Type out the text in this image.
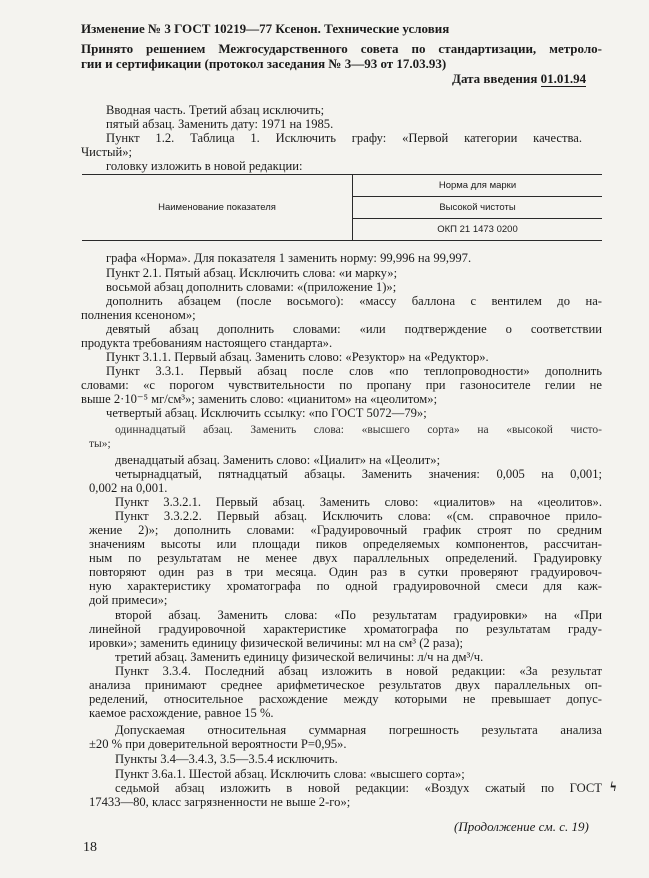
Изменение № 3 ГОСТ 10219—77 Ксенон. Технические условия
Принято решением Межгосударственного совета по стандартизации, метроло-
гии и сертификации (протокол заседания № 3—93 от 17.03.93)
Дата введения 01.01.94
Вводная часть. Третий абзац исключить;
пятый абзац. Заменить дату: 1971 на 1985.
Пункт 1.2. Таблица 1. Исключить графу: «Первой категории качества.
Чистый»;
головку изложить в новой редакции:
Наименование показателя	Норма для марки
Высокой чистоты
ОКП 21 1473 0200
графа «Норма». Для показателя 1 заменить норму: 99,996 на 99,997.
Пункт 2.1. Пятый абзац. Исключить слова: «и марку»;
восьмой абзац дополнить словами: «(приложение 1)»;
дополнить абзацем (после восьмого): «массу баллона с вентилем до на-
полнения ксеноном»;
девятый абзац дополнить словами: «или подтверждение о соответствии
продукта требованиям настоящего стандарта».
Пункт 3.1.1. Первый абзац. Заменить слово: «Резуктор» на «Редуктор».
Пункт 3.3.1. Первый абзац после слов «по теплопроводности» дополнить
словами: «с порогом чувствительности по пропану при газоносителе гелии не
выше 2·10⁻⁵ мг/см³»; заменить слово: «цианитом» на «цеолитом»;
четвертый абзац. Исключить ссылку: «по ГОСТ 5072—79»;
одиннадцатый абзац. Заменить слова: «высшего сорта» на «высокой чисто-
ты»;
двенадцатый абзац. Заменить слово: «Циалит» на «Цеолит»;
четырнадцатый, пятнадцатый абзацы. Заменить значения: 0,005 на 0,001;
0,002 на 0,001.
Пункт 3.3.2.1. Первый абзац. Заменить слово: «циалитов» на «цеолитов».
Пункт 3.3.2.2. Первый абзац. Исключить слова: «(см. справочное прило-
жение 2)»; дополнить словами: «Градуировочный график строят по средним
значениям высоты или площади пиков определяемых компонентов, рассчитан-
ным по результатам не менее двух параллельных определений. Градуировку
повторяют один раз в три месяца. Один раз в сутки проверяют градуировоч-
ную характеристику хроматографа по одной градуировочной смеси для каж-
дой примеси»;
второй абзац. Заменить слова: «По результатам градуировки» на «При
линейной градуировочной характеристике хроматографа по результатам граду-
ировки»; заменить единицу физической величины: мл на см³ (2 раза);
третий абзац. Заменить единицу физической величины: л/ч на дм³/ч.
Пункт 3.3.4. Последний абзац изложить в новой редакции: «За результат
анализа принимают среднее арифметическое результатов двух параллельных оп-
ределений, относительное расхождение между которыми не превышает допус-
каемое расхождение, равное 15 %.
Допускаемая относительная суммарная погрешность результата анализа
±20 % при доверительной вероятности P=0,95».
Пункты 3.4—3.4.3, 3.5—3.5.4 исключить.
Пункт 3.6а.1. Шестой абзац. Исключить слова: «высшего сорта»;
седьмой абзац изложить в новой редакции: «Воздух сжатый по ГОСТ
17433—80, класс загрязненности не выше 2-го»;
(Продолжение см. с. 19)
18
ϟ
